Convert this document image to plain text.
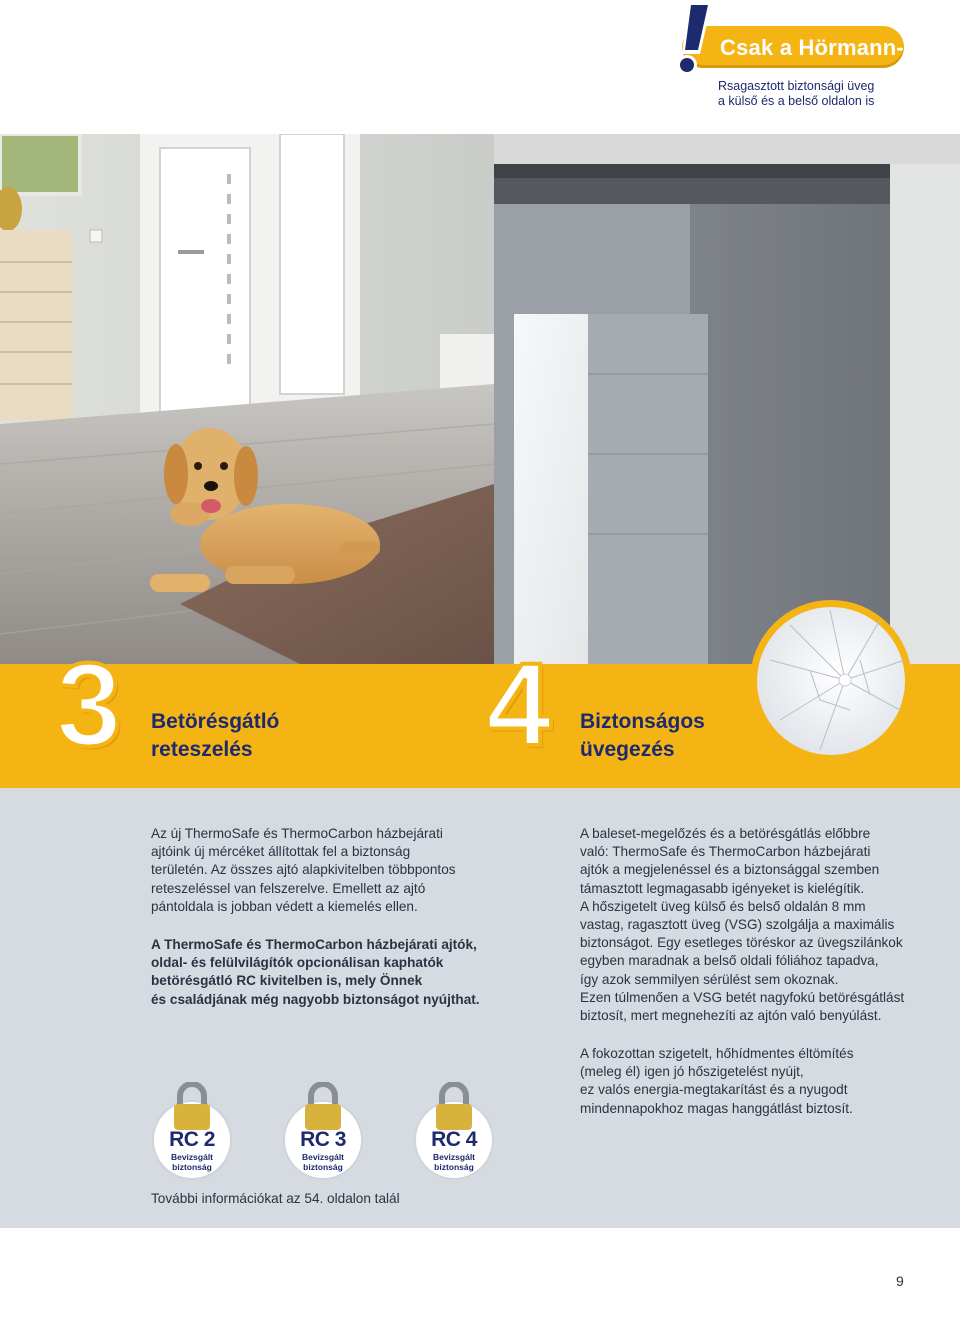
Csak a Hörmann-nál
Rsagasztott biztonsági üveg
a külső és a belső oldalon is
3 Betörésgátló
reteszelés	4 Biztonságos
üvegezés
Az új ThermoSafe és ThermoCarbon házbejárati
ajtóink új mércéket állítottak fel a biztonság
területén. Az összes ajtó alapkivitelben többpontos
reteszeléssel van felszerelve. Emellett az ajtó
pántoldala is jobban védett a kiemelés ellen.
A ThermoSafe és ThermoCarbon házbejárati ajtók,
oldal- és felülvilágítók opcionálisan kaphatók
betörésgátló RC kivitelben is, mely Önnek
és családjának még nagyobb biztonságot nyújthat.
A baleset-megelőzés és a betörésgátlás előbbre
való: ThermoSafe és ThermoCarbon házbejárati
ajtók a megjelenéssel és a biztonsággal szemben
támasztott legmagasabb igényeket is kielégítik.
A hőszigetelt üveg külső és belső oldalán 8 mm
vastag, ragasztott üveg (VSG) szolgálja a maximális
biztonságot. Egy esetleges töréskor az üvegszilánkok
egyben maradnak a belső oldali fóliához tapadva,
így azok semmilyen sérülést sem okoznak.
Ezen túlmenően a VSG betét nagyfokú betörésgátlást
biztosít, mert megnehezíti az ajtón való benyúlást.
A fokozottan szigetelt, hőhídmentes éltömítés
(meleg él) igen jó hőszigetelést nyújt,
ez valós energia-megtakarítást és a nyugodt
mindennapokhoz magas hanggátlást biztosít.
RC 2
Bevizsgált
biztonság
RC 3
Bevizsgált
biztonság
RC 4
Bevizsgált
biztonság
További információkat az 54. oldalon talál
9
